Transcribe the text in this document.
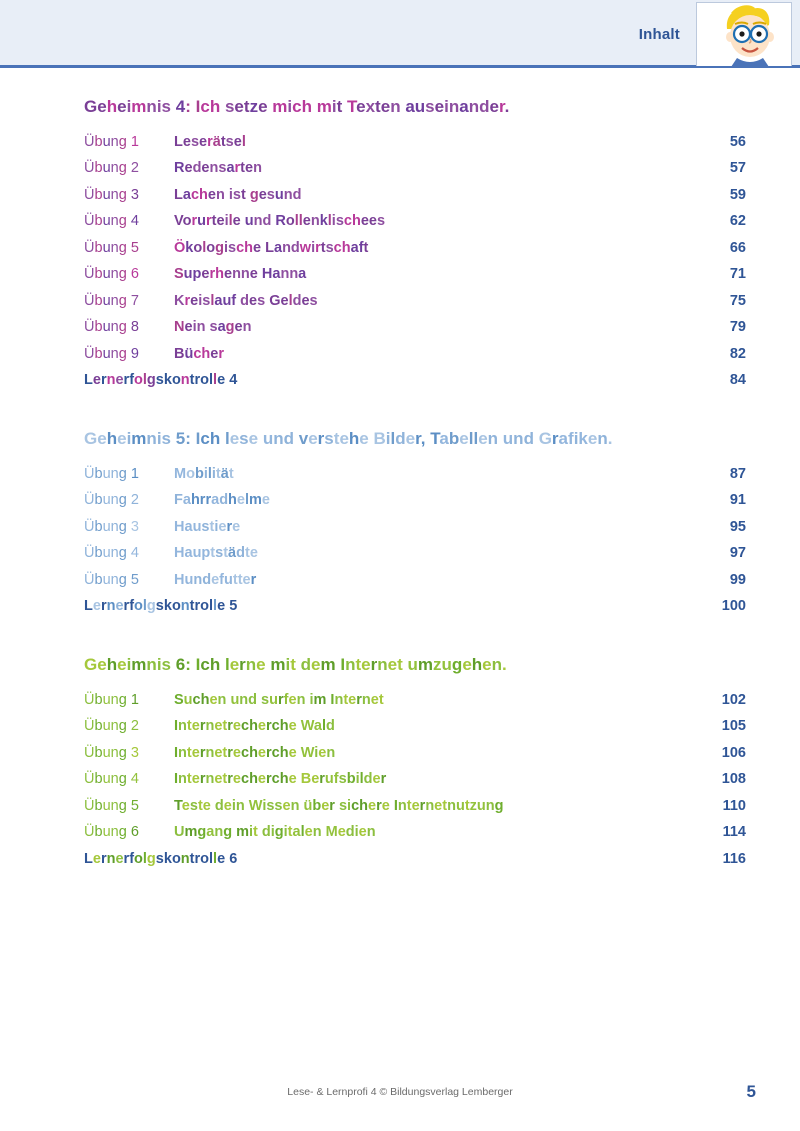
Inhalt
Geheimnis 4: Ich setze mich mit Texten auseinander.
Übung 1	Leserätsel	56
Übung 2	Redensarten	57
Übung 3	Lachen ist gesund	59
Übung 4	Vorurteile und Rollenklischees	62
Übung 5	Ökologische Landwirtschaft	66
Übung 6	Superhenne Hanna	71
Übung 7	Kreislauf des Geldes	75
Übung 8	Nein sagen	79
Übung 9	Bücher	82
Lernerfolgskontrolle 4	84
Geheimnis 5: Ich lese und verstehe Bilder, Tabellen und Grafiken.
Übung 1	Mobilität	87
Übung 2	Fahrradhelme	91
Übung 3	Haustiere	95
Übung 4	Hauptstädte	97
Übung 5	Hundefutter	99
Lernerfolgskontrolle 5	100
Geheimnis 6: Ich lerne mit dem Internet umzugehen.
Übung 1	Suchen und surfen im Internet	102
Übung 2	Internetrecherche Wald	105
Übung 3	Internetrecherche Wien	106
Übung 4	Internetrecherche Berufsbilder	108
Übung 5	Teste dein Wissen über sichere Internetnutzung	110
Übung 6	Umgang mit digitalen Medien	114
Lernerfolgskontrolle 6	116
Lese- & Lernprofi 4 © Bildungsverlag Lemberger	5
